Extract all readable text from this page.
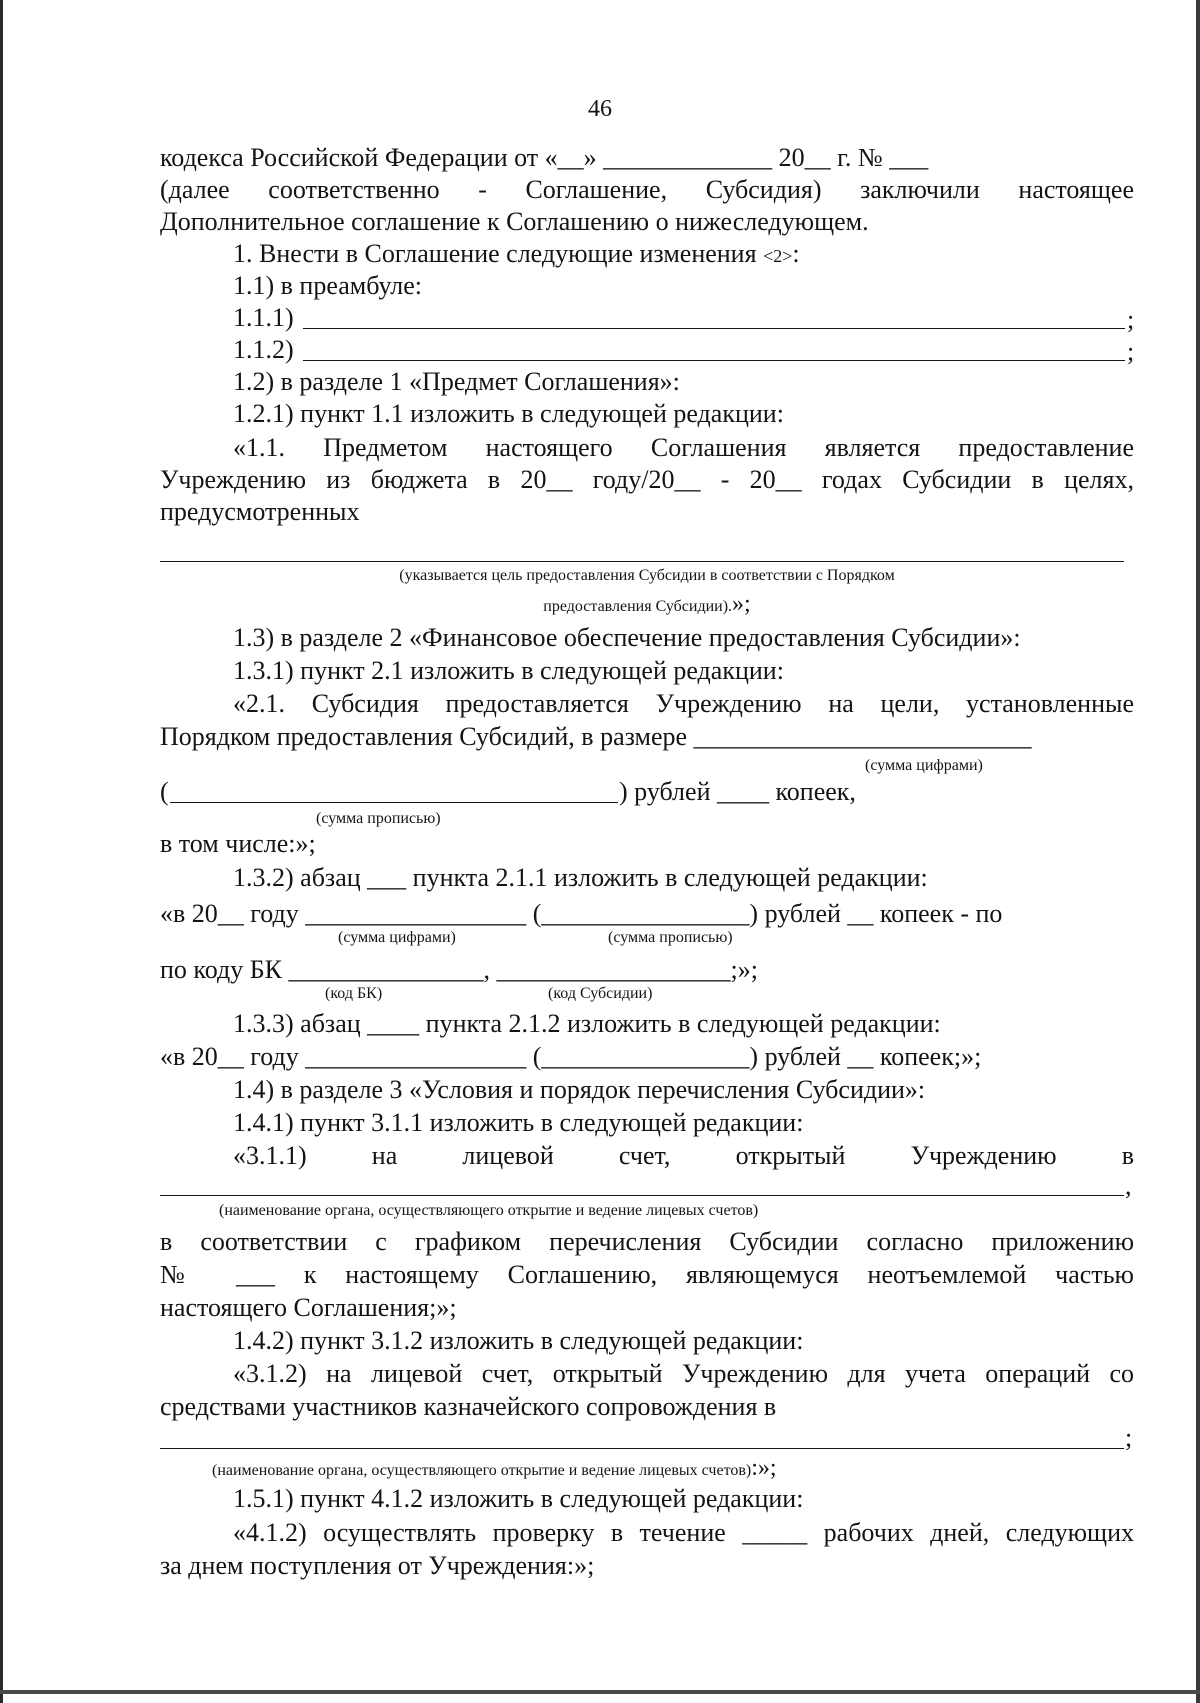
46
кодекса Российской Федерации от «__» _____________ 20__ г. № ___
(далее соответственно - Соглашение, Субсидия) заключили настоящее
Дополнительное соглашение к Соглашению о нижеследующем.
1. Внести в Соглашение следующие изменения <2>:
1.1) в преамбуле:
1.1.1)	;
1.1.2)	;
1.2) в разделе 1 «Предмет Соглашения»:
1.2.1) пункт 1.1 изложить в следующей редакции:
«1.1. Предметом настоящего Соглашения является предоставление
Учреждению из бюджета в 20__ году/20__ - 20__ годах Субсидии в целях,
предусмотренных
(указывается цель предоставления Субсидии в соответствии с Порядком
предоставления Субсидии).»;
1.3) в разделе 2 «Финансовое обеспечение предоставления Субсидии»:
1.3.1) пункт 2.1 изложить в следующей редакции:
«2.1. Субсидия предоставляется Учреждению на цели, установленные
Порядком предоставления Субсидий, в размере __________________________
(сумма цифрами)
(	) рублей ____ копеек,
(сумма прописью)
в том числе:»;
1.3.2) абзац ___ пункта 2.1.1 изложить в следующей редакции:
«в 20__ году _________________ (________________) рублей __ копеек - по
(сумма цифрами)	(сумма прописью)
по коду БК _______________, __________________;»;
(код БК)	(код Субсидии)
1.3.3) абзац ____ пункта 2.1.2 изложить в следующей редакции:
«в 20__ году _________________ (________________) рублей __ копеек;»;
1.4) в разделе 3 «Условия и порядок перечисления Субсидии»:
1.4.1) пункт 3.1.1 изложить в следующей редакции:
«3.1.1) на лицевой счет, открытый Учреждению в
,
(наименование органа, осуществляющего открытие и ведение лицевых счетов)
в соответствии с графиком перечисления Субсидии согласно приложению
№ ___ к настоящему Соглашению, являющемуся неотъемлемой частью
настоящего Соглашения;»;
1.4.2) пункт 3.1.2 изложить в следующей редакции:
«3.1.2) на лицевой счет, открытый Учреждению для учета операций со
средствами участников казначейского сопровождения в
;
(наименование органа, осуществляющего открытие и ведение лицевых счетов):»;
1.5.1) пункт 4.1.2 изложить в следующей редакции:
«4.1.2) осуществлять проверку в течение _____ рабочих дней, следующих
за днем поступления от Учреждения:»;
